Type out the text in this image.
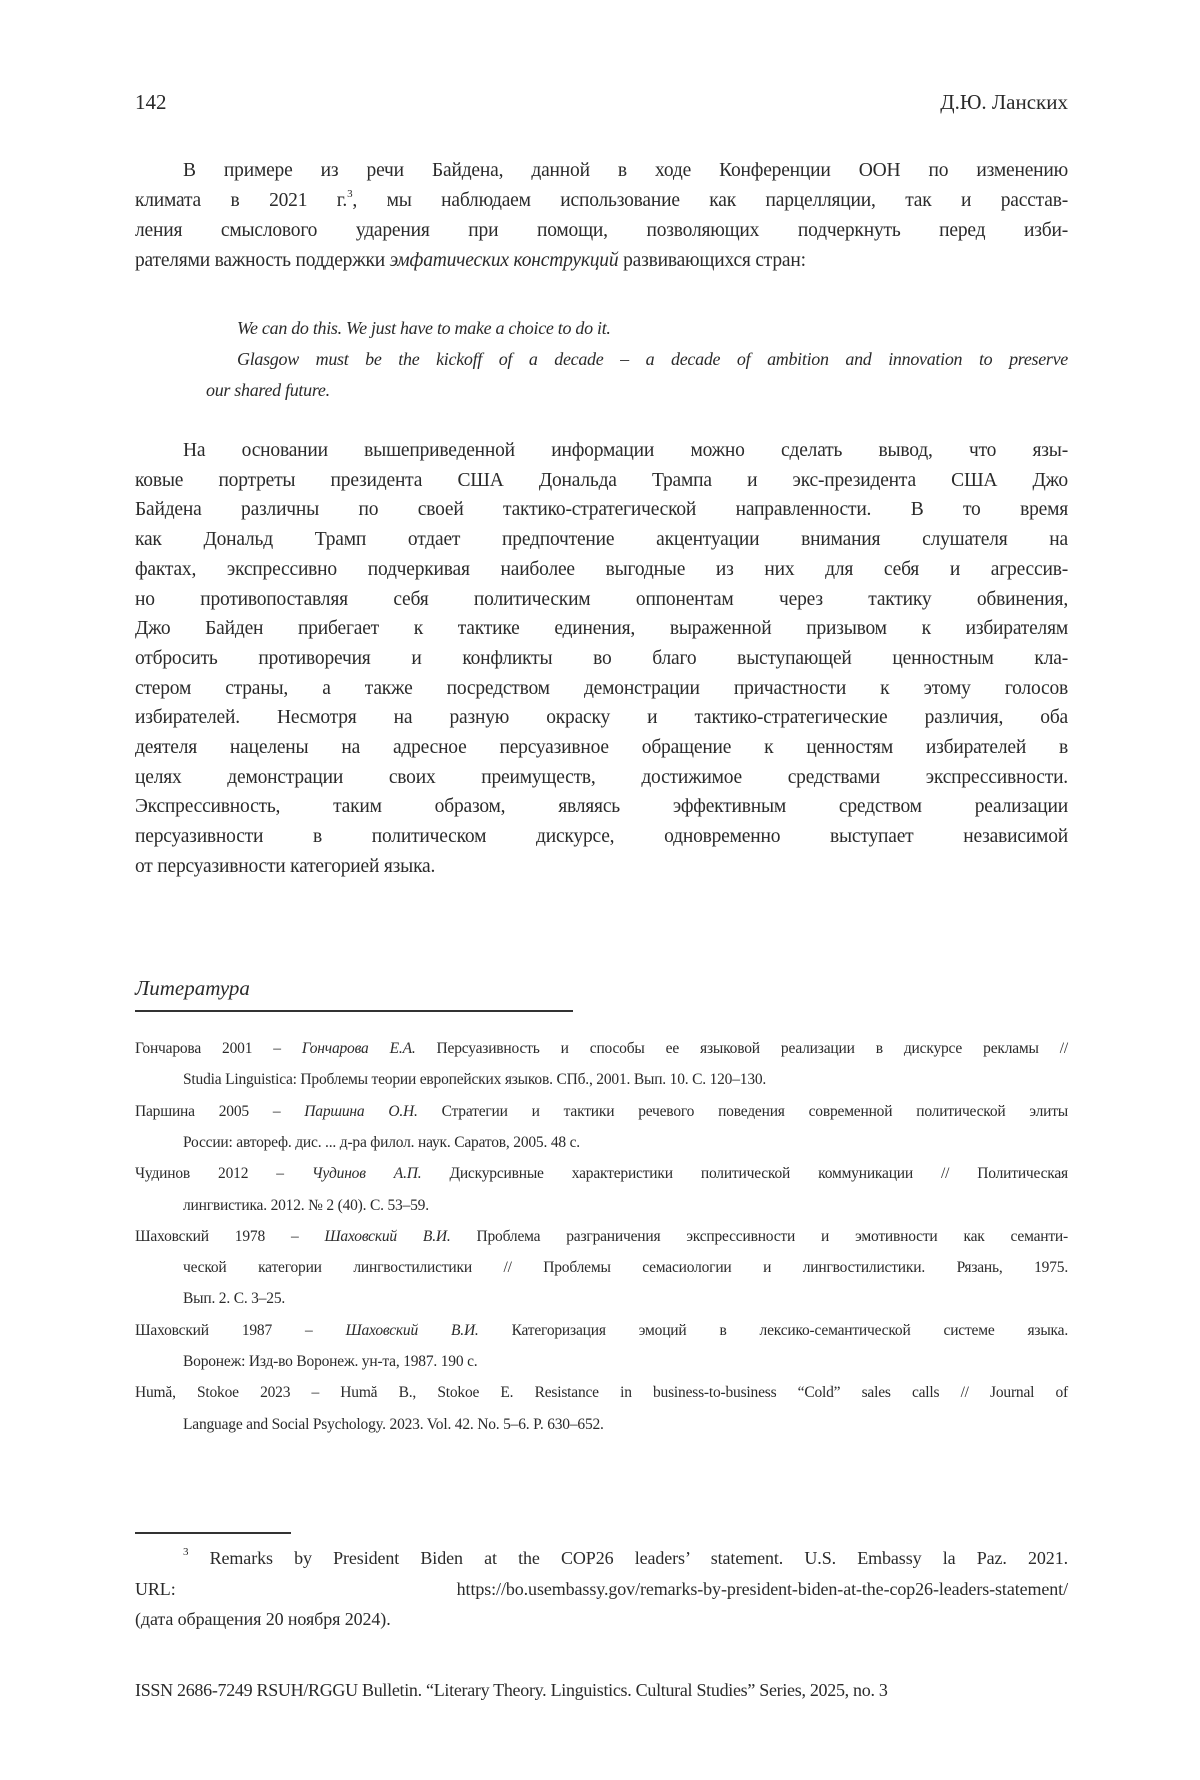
142	Д.Ю. Ланских
В примере из речи Байдена, данной в ходе Конференции ООН по изменению
климата в 2021 г.3, мы наблюдаем использование как парцелляции, так и расстав-
ления смыслового ударения при помощи, позволяющих подчеркнуть перед изби-
рателями важность поддержки эмфатических конструкций развивающихся стран:
We can do this. We just have to make a choice to do it.
Glasgow must be the kickoff of a decade – a decade of ambition and innovation to preserve
our shared future.
На основании вышеприведенной информации можно сделать вывод, что язы-
ковые портреты президента США Дональда Трампа и экс-президента США Джо
Байдена различны по своей тактико-стратегической направленности. В то время
как Дональд Трамп отдает предпочтение акцентуации внимания слушателя на
фактах, экспрессивно подчеркивая наиболее выгодные из них для себя и агрессив-
но противопоставляя себя политическим оппонентам через тактику обвинения,
Джо Байден прибегает к тактике единения, выраженной призывом к избирателям
отбросить противоречия и конфликты во благо выступающей ценностным кла-
стером страны, а также посредством демонстрации причастности к этому голосов
избирателей. Несмотря на разную окраску и тактико-стратегические различия, оба
деятеля нацелены на адресное персуазивное обращение к ценностям избирателей в
целях демонстрации своих преимуществ, достижимое средствами экспрессивности.
Экспрессивность, таким образом, являясь эффективным средством реализации
персуазивности в политическом дискурсе, одновременно выступает независимой
от персуазивности категорией языка.
Литература
Гончарова 2001 – Гончарова Е.А. Персуазивность и способы ее языковой реализации в дискурсе рекламы //
Studia Linguistica: Проблемы теории европейских языков. СПб., 2001. Вып. 10. С. 120–130.
Паршина 2005 – Паршина О.Н. Стратегии и тактики речевого поведения современной политической элиты
России: автореф. дис. ... д-ра филол. наук. Саратов, 2005. 48 с.
Чудинов 2012 – Чудинов А.П. Дискурсивные характеристики политической коммуникации // Политическая
лингвистика. 2012. № 2 (40). С. 53–59.
Шаховский 1978 – Шаховский В.И. Проблема разграничения экспрессивности и эмотивности как семанти-
ческой категории лингвостилистики // Проблемы семасиологии и лингвостилистики. Рязань, 1975.
Вып. 2. С. 3–25.
Шаховский 1987 – Шаховский В.И. Категоризация эмоций в лексико-семантической системе языка.
Воронеж: Изд-во Воронеж. ун-та, 1987. 190 с.
Humă, Stokoe 2023 – Humă B., Stokoe E. Resistance in business-to-business “Cold” sales calls // Journal of
Language and Social Psychology. 2023. Vol. 42. No. 5–6. P. 630–652.
3 Remarks by President Biden at the COP26 leaders’ statement. U.S. Embassy la Paz. 2021.
URL: https://bo.usembassy.gov/remarks-by-president-biden-at-the-cop26-leaders-statement/
(дата обращения 20 ноября 2024).
ISSN 2686-7249 RSUH/RGGU Bulletin. “Literary Theory. Linguistics. Cultural Studies” Series, 2025, no. 3
